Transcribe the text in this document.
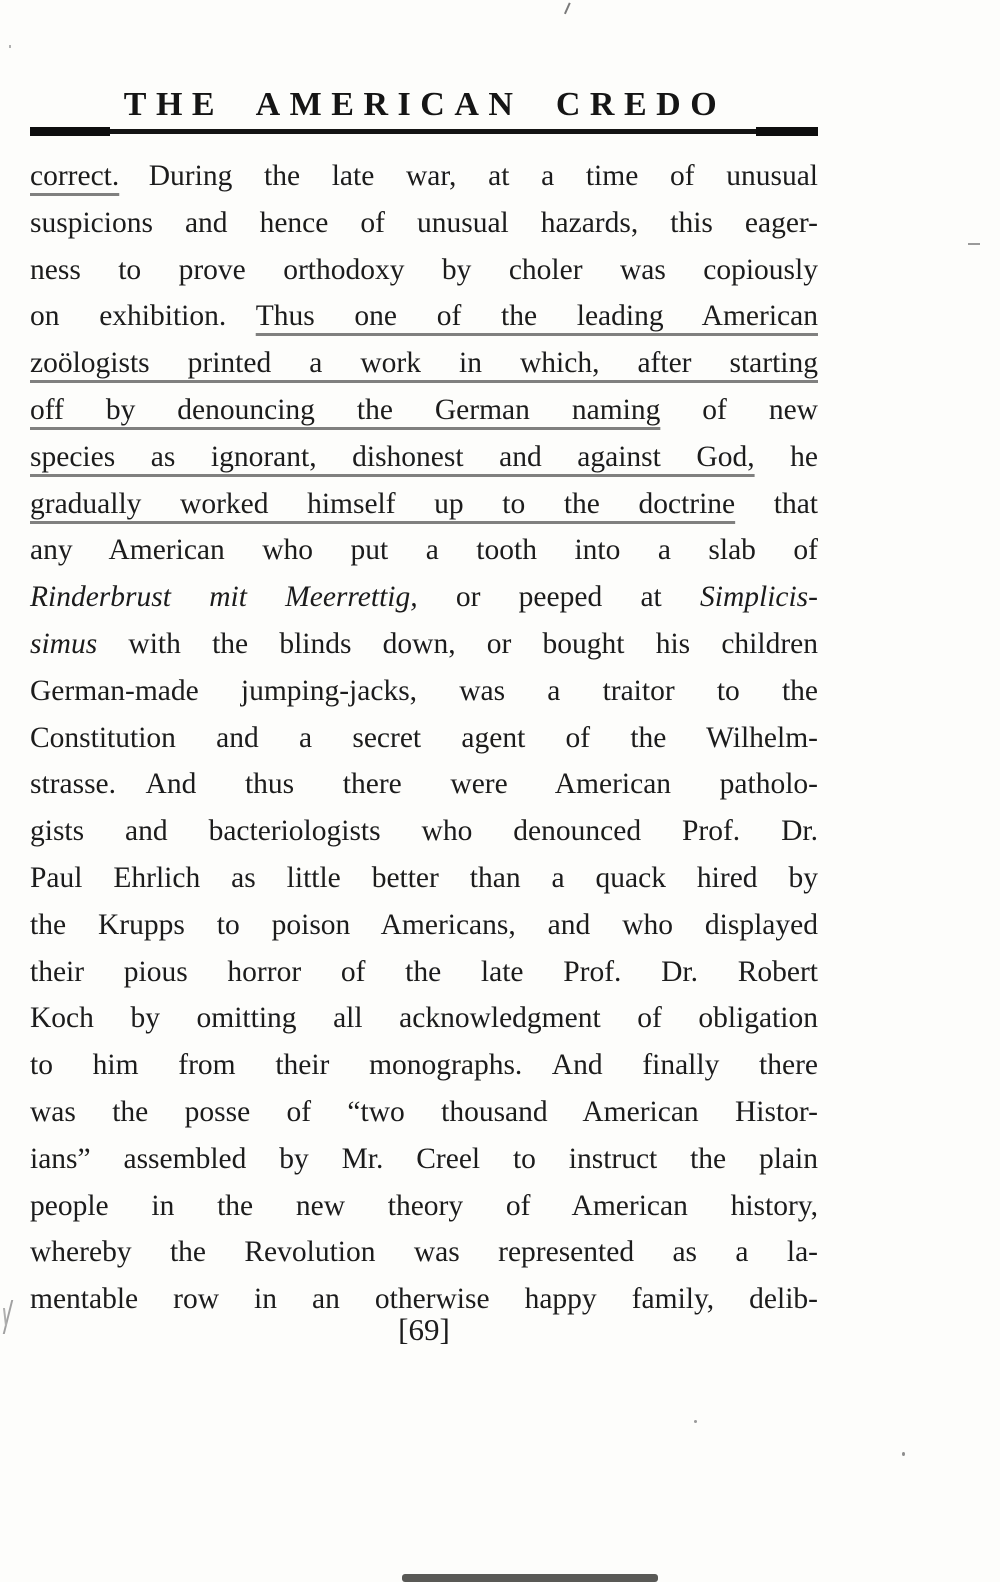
THE AMERICAN CREDO
correct. During the late war, at a time of unusual
suspicions and hence of unusual hazards, this eager-
ness to prove orthodoxy by choler was copiously
on exhibition. Thus one of the leading American
zoölogists printed a work in which, after starting
off by denouncing the German naming of new
species as ignorant, dishonest and against God, he
gradually worked himself up to the doctrine that
any American who put a tooth into a slab of
Rinderbrust mit Meerrettig, or peeped at Simplicis-
simus with the blinds down, or bought his children
German-made jumping-jacks, was a traitor to the
Constitution and a secret agent of the Wilhelm-
strasse. And thus there were American patholo-
gists and bacteriologists who denounced Prof. Dr.
Paul Ehrlich as little better than a quack hired by
the Krupps to poison Americans, and who displayed
their pious horror of the late Prof. Dr. Robert
Koch by omitting all acknowledgment of obligation
to him from their monographs. And finally there
was the posse of “two thousand American Histor-
ians” assembled by Mr. Creel to instruct the plain
people in the new theory of American history,
whereby the Revolution was represented as a la-
mentable row in an otherwise happy family, delib-
[69]
